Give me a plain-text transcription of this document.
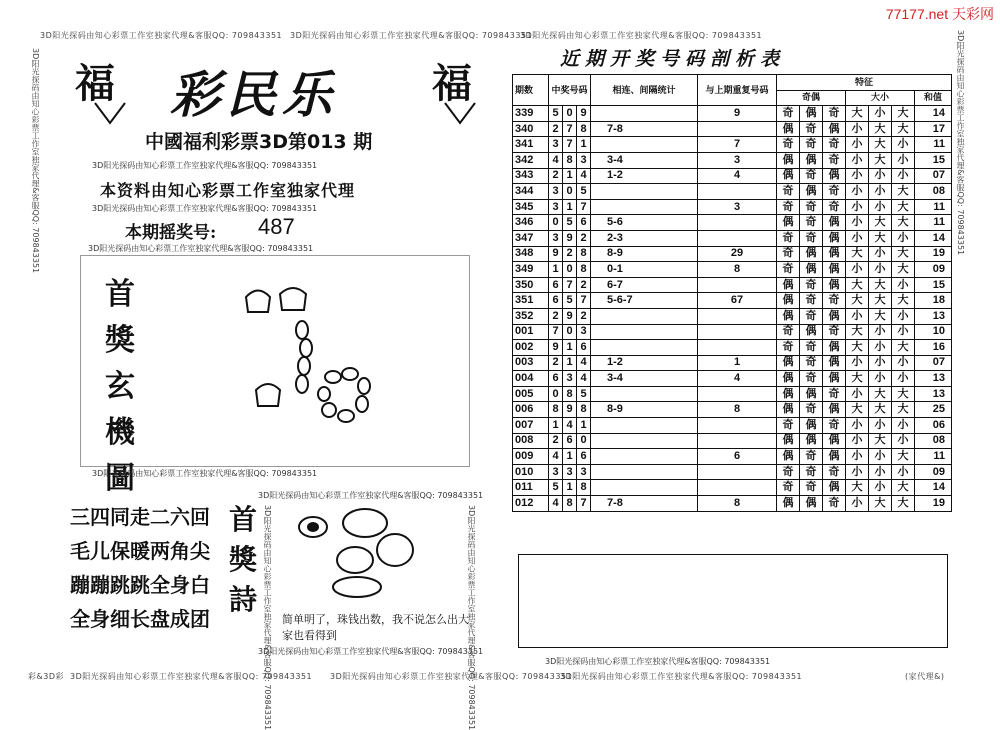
77177.net 天彩网
3D阳光探码由知心彩票工作室独家代理&客服QQ: 709843351 3D阳光探码由知心彩票工作室独家代理&客服QQ: 709843351
3D阳光探码由知心彩票工作室独家代理&客服QQ: 709843351
彩&3D彩 3D阳光探码由知心彩票工作室独家代理&客服QQ: 709843351 3D阳光探码由知心彩票工作室独家代理&客服QQ: 709843351
3D阳光探码由知心彩票工作室独家代理&客服QQ: 709843351	(家代理&)
3D阳光探码由知心彩票工作室独家代理&客服QQ: 709843351	3D阳光探码由知心彩票工作室独家代理&客服QQ: 709843351
福	福
彩民乐
中國福利彩票3D第013 期
3D阳光探码由知心彩票工作室独家代理&客服QQ: 709843351
本资料由知心彩票工作室独家代理
3D阳光探码由知心彩票工作室独家代理&客服QQ: 709843351
本期摇奖号: 487
3D阳光探码由知心彩票工作室独家代理&客服QQ: 709843351
首獎玄機圖
3D阳光探码由知心彩票工作室独家代理&客服QQ: 709843351
三四同走二六回
毛儿保暖两角尖
蹦蹦跳跳全身白
全身细长盘成团
3D阳光探码由知心彩票工作室独家代理&客服QQ: 709843351
首獎詩 3D阳光探码由知心彩票工作室独家代理&客服QQ: 709843351	3D阳光探码由知心彩票工作室独家代理&客服QQ: 709843351
简单明了，珠钱出数，我不说怎么出大家也看得到
3D阳光探码由知心彩票工作室独家代理&客服QQ: 709843351
近期开奖号码剖析表
期数	中奖号码			相连、间隔统计	与上期重复号码	特征						
						奇偶			大小			和值
339	5	0	9		9	奇	偶	奇	大	小	大	14
340	2	7	8	7-8		偶	奇	偶	小	大	大	17
341	3	7	1		7	奇	奇	奇	小	大	小	11
342	4	8	3	3-4	3	偶	偶	奇	小	大	小	15
343	2	1	4	1-2	4	偶	奇	偶	小	小	小	07
344	3	0	5			奇	偶	奇	小	小	大	08
345	3	1	7		3	奇	奇	奇	小	小	大	11
346	0	5	6	5-6		偶	奇	偶	小	大	大	11
347	3	9	2	2-3		奇	奇	偶	小	大	小	14
348	9	2	8	8-9	29	奇	偶	偶	大	小	大	19
349	1	0	8	0-1	8	奇	偶	偶	小	小	大	09
350	6	7	2	6-7		偶	奇	偶	大	大	小	15
351	6	5	7	5-6-7	67	偶	奇	奇	大	大	大	18
352	2	9	2			偶	奇	偶	小	大	小	13
001	7	0	3			奇	偶	奇	大	小	小	10
002	9	1	6			奇	奇	偶	大	小	大	16
003	2	1	4	1-2	1	偶	奇	偶	小	小	小	07
004	6	3	4	3-4	4	偶	奇	偶	大	小	小	13
005	0	8	5			偶	偶	奇	小	大	大	13
006	8	9	8	8-9	8	偶	奇	偶	大	大	大	25
007	1	4	1			奇	偶	奇	小	小	小	06
008	2	6	0			偶	偶	偶	小	大	小	08
009	4	1	6		6	偶	奇	偶	小	小	大	11
010	3	3	3			奇	奇	奇	小	小	小	09
011	5	1	8			奇	奇	偶	大	小	大	14
012	4	8	7	7-8	8	偶	偶	奇	小	大	大	19
3D阳光探码由知心彩票工作室独家代理&客服QQ: 709843351
